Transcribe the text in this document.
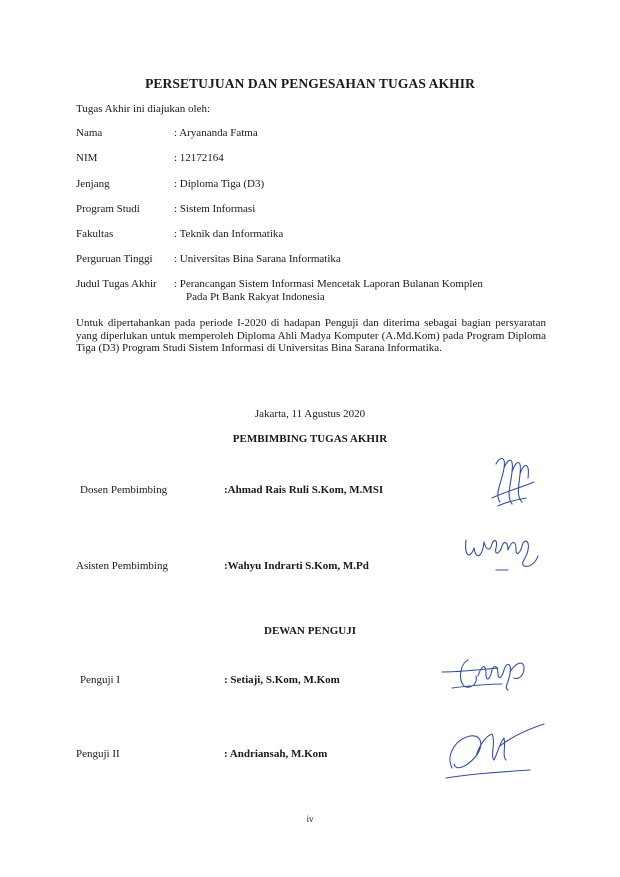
PERSETUJUAN DAN PENGESAHAN TUGAS AKHIR
Tugas Akhir ini diajukan oleh:
Nama	: Aryananda Fatma
NIM	: 12172164
Jenjang	: Diploma Tiga (D3)
Program Studi	: Sistem Informasi
Fakultas	: Teknik dan Informatika
Perguruan Tinggi : Universitas Bina Sarana Informatika
Judul Tugas Akhir : Perancangan Sistem Informasi Mencetak Laporan Bulanan Komplen
Pada Pt Bank Rakyat Indonesia
Untuk dipertahankan pada periode I-2020 di hadapan Penguji dan diterima sebagai bagian persyaratan yang diperlukan untuk memperoleh Diploma Ahli Madya Komputer (A.Md.Kom) pada Program Diploma Tiga (D3) Program Studi Sistem Informasi di Universitas Bina Sarana Informatika.
Jakarta, 11 Agustus 2020
PEMBIMBING TUGAS AKHIR
Dosen Pembimbing	:Ahmad Rais Ruli S.Kom, M.MSI
Asisten Pembimbing	:Wahyu Indrarti S.Kom, M.Pd
DEWAN PENGUJI
Penguji I	: Setiaji, S.Kom, M.Kom
Penguji II	: Andriansah, M.Kom
iv
